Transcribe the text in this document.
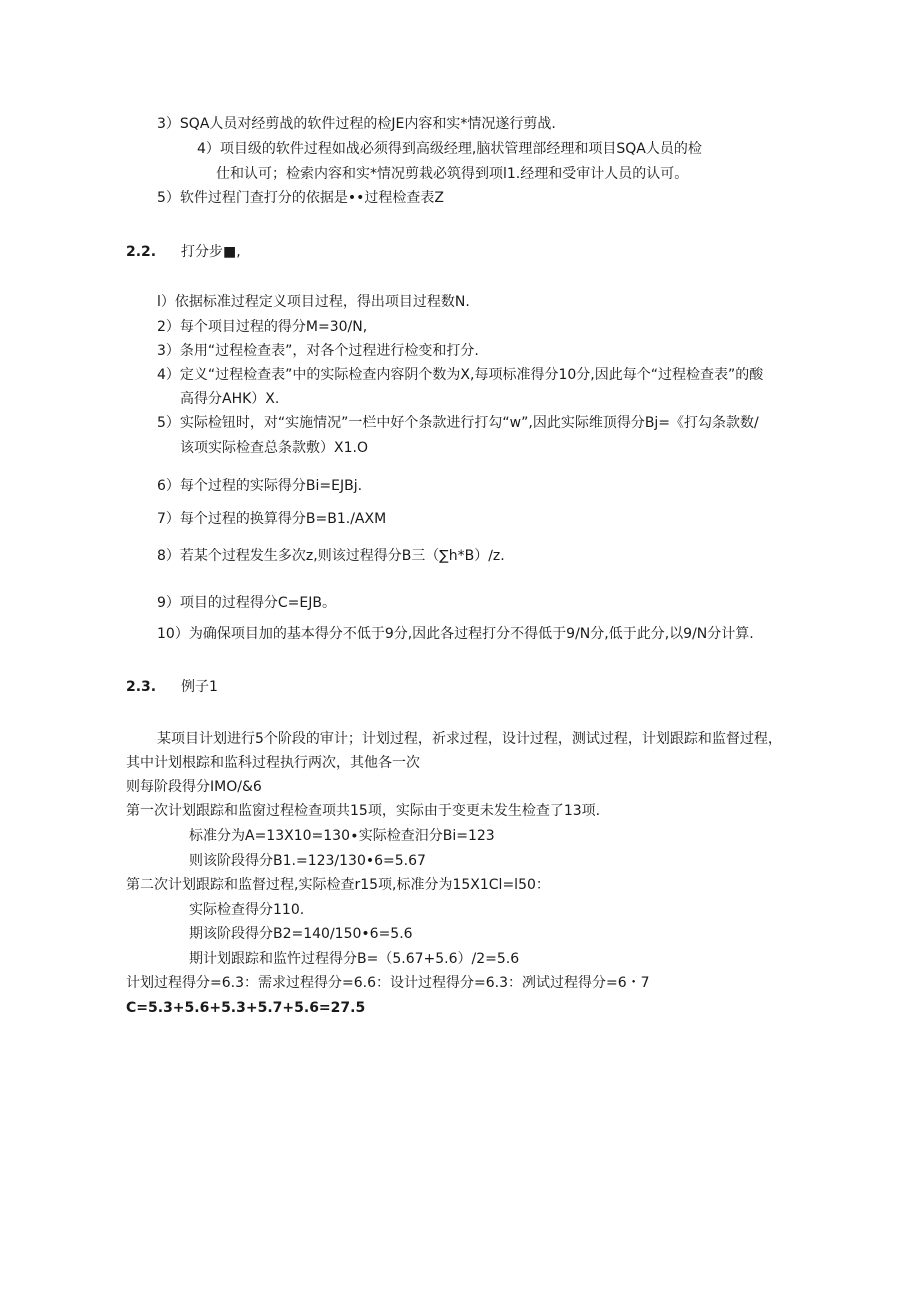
3）SQA人员对经剪战的软件过程的检JE内容和实*情况遂行剪战.
4）项目级的软件过程如战必须得到高级经理,脑状管理部经理和项目SQA人员的检
仕和认可；检索内容和实*情况剪栽必筑得到项l1.经理和受审计人员的认可。
5）软件过程门查打分的依据是••过程检查表Z
2.2. 打分步■,
l）依据标准过程定义项目过程，得出项目过程数N.
2）每个项目过程的得分M=30/N,
3）条用“过程检查表”，对各个过程进行检变和打分.
4）定义“过程检查表”中的实际检查内容阴个数为X,每项标准得分10分,因此每个“过程检查表”的酸
高得分AHK）X.
5）实际检钮时，对“实施情况”一栏中好个条款进行打勾“w”,因此实际维顶得分Bj=《打勾条款数/
该项实际检查总条款敷）X1.O
6）每个过程的实际得分Bi=EJBj.
7）每个过程的换算得分B=B1./AXM
8）若某个过程发生多次z,则该过程得分B三（∑h*B）∕z.
9）项目的过程得分C=EJB。
10）为确保项目加的基本得分不低于9分,因此各过程打分不得低于9/N分,低于此分,以9/N分计算.
2.3. 例子1
某项目计划进行5个阶段的审计；计划过程，祈求过程，设计过程，测试过程，计划跟踪和监督过程，
其中计划根踪和监科过程执行两次，其他各一次
则每阶段得分IMO/&6
第一次计划跟踪和监窗过程检查项共15项，实际由于变更未发生检查了13项.
标准分为A=13X10=130∙实际检查汨分Bi=123
则该阶段得分B1.=123∕130•6=5.67
第二次计划跟踪和监督过程,实际检查r15项,标准分为15X1Cl=l50：
实际检查得分110.
期该阶段得分B2=140∕150•6=5.6
期计划跟踪和监忤过程得分B=（5.67+5.6）/2=5.6
计划过程得分=6.3：需求过程得分=6.6：设计过程得分=6.3：冽试过程得分=6・7
C=5.3+5.6+5.3+5.7+5.6=27.5
